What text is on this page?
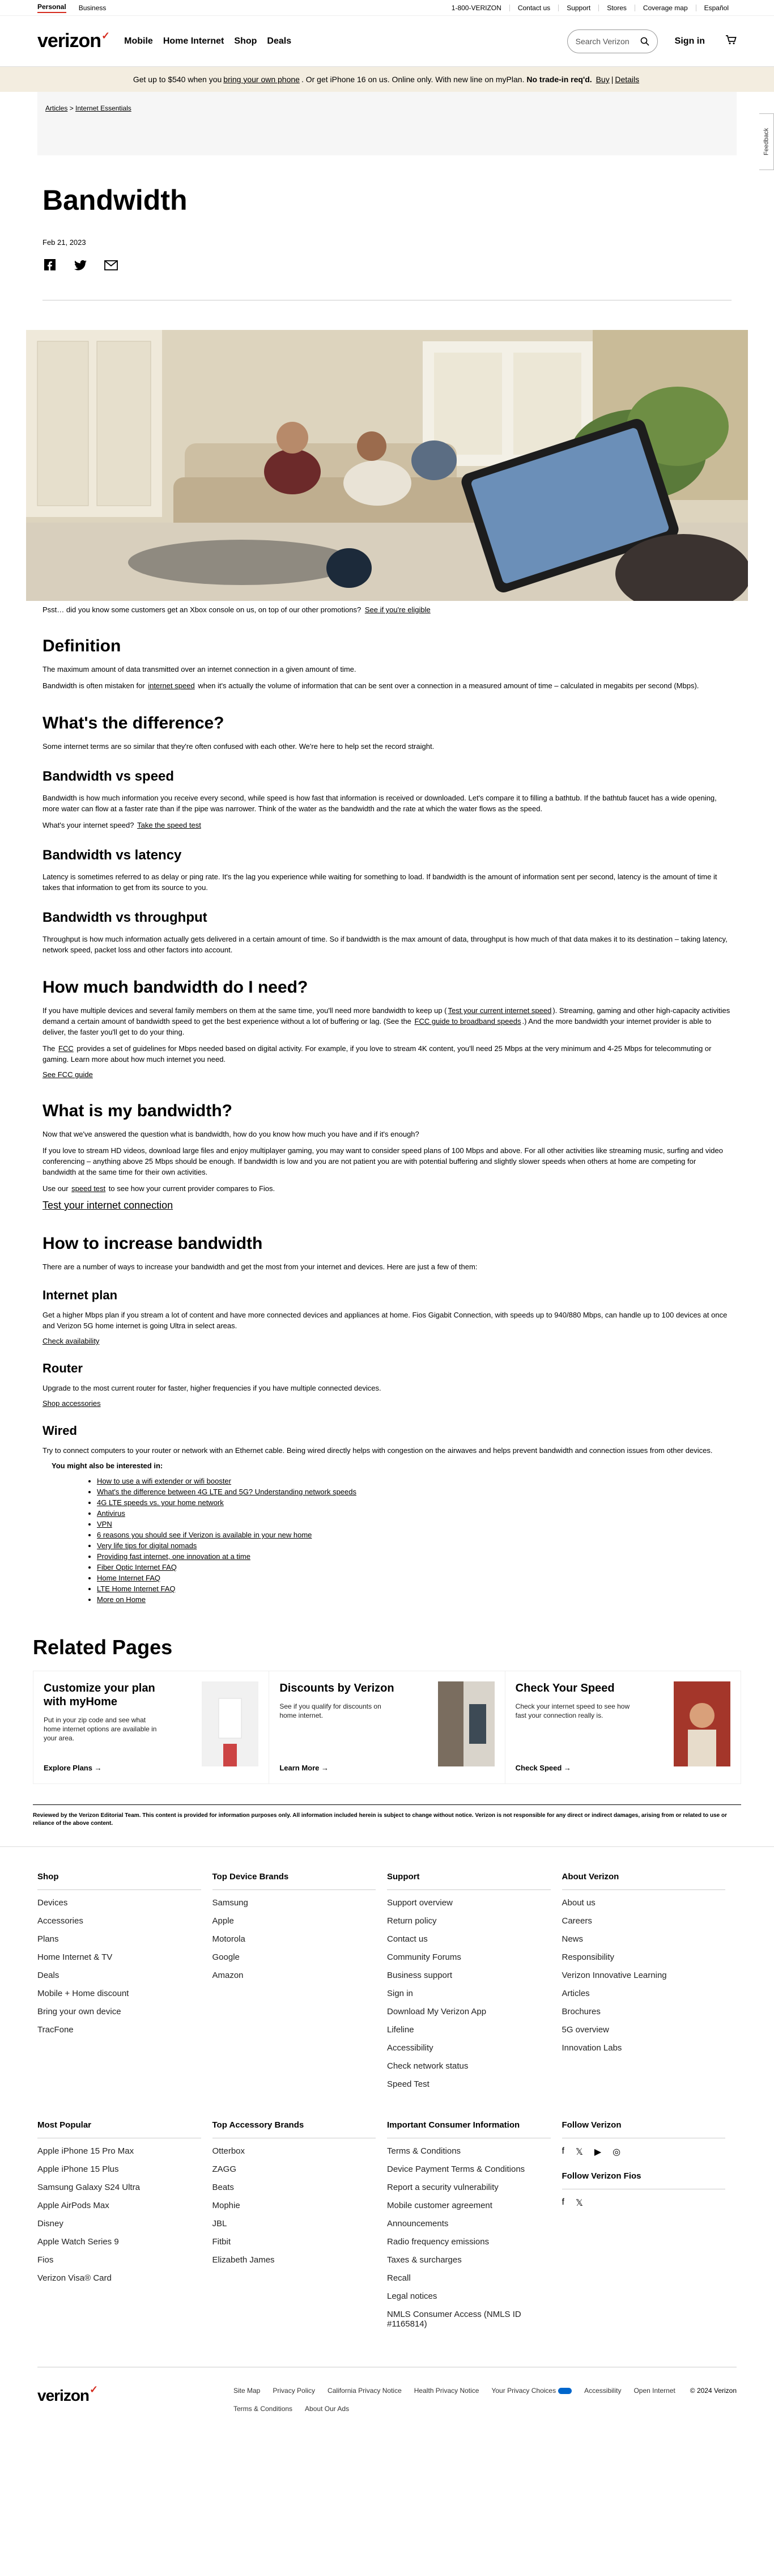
Personal Business	1-800-VERIZON	Contact us	Support	Stores	Coverage map	Español
verizon✓ Mobile Home Internet Shop Deals	Search Verizon	Sign in
Get up to $540 when you bring your own phone . Or get iPhone 16 on us. Online only. With new line on myPlan.
No trade-in req'd.
Buy | Details
Feedback
Articles > Internet Essentials
Bandwidth
Feb 21, 2023
Psst… did you know some customers get an Xbox console on us, on top of our other promotions? See if you're eligible
Definition

The maximum amount of data transmitted over an internet connection in a given amount of time.

Bandwidth is often mistaken for internet speed when it's actually the volume of information that can be sent over a connection in a measured amount of time – calculated in megabits per second (Mbps).

What's the difference?

Some internet terms are so similar that they're often confused with each other. We're here to help set the record straight.

Bandwidth vs speed

Bandwidth is how much information you receive every second, while speed is how fast that information is received or downloaded. Let's compare it to filling a bathtub. If the bathtub faucet has a wide opening, more water can flow at a faster rate than if the pipe was narrower. Think of the water as the bandwidth and the rate at which the water flows as the speed.

What's your internet speed? Take the speed test

Bandwidth vs latency

Latency is sometimes referred to as delay or ping rate. It's the lag you experience while waiting for something to load. If bandwidth is the amount of information sent per second, latency is the amount of time it takes that information to get from its source to you.

Bandwidth vs throughput

Throughput is how much information actually gets delivered in a certain amount of time. So if bandwidth is the max amount of data, throughput is how much of that data makes it to its destination – taking latency, network speed, packet loss and other factors into account.

How much bandwidth do I need?

If you have multiple devices and several family members on them at the same time, you'll need more bandwidth to keep up ( Test your current internet speed ). Streaming, gaming and other high-capacity activities demand a certain amount of bandwidth speed to get the best experience without a lot of buffering or lag. (See the FCC guide to broadband speeds .) And the more bandwidth your internet provider is able to deliver, the faster you'll get to do your thing.

The FCC provides a set of guidelines for Mbps needed based on digital activity. For example, if you love to stream 4K content, you'll need 25 Mbps at the very minimum and 4-25 Mbps for telecommuting or gaming. Learn more about how much internet you need.

See FCC guide
What is my bandwidth?

Now that we've answered the question what is bandwidth, how do you know how much you have and if it's enough?

If you love to stream HD videos, download large files and enjoy multiplayer gaming, you may want to consider speed plans of 100 Mbps and above. For all other activities like streaming music, surfing and video conferencing – anything above 25 Mbps should be enough. If bandwidth is low and you are not patient you are with potential buffering and slightly slower speeds when others at home are competing for bandwidth at the same time for their own activities.

Use our speed test to see how your current provider compares to Fios.

Test your internet connection
How to increase bandwidth

There are a number of ways to increase your bandwidth and get the most from your internet and devices. Here are just a few of them:

Internet plan

Get a higher Mbps plan if you stream a lot of content and have more connected devices and appliances at home. Fios Gigabit Connection, with speeds up to 940/880 Mbps, can handle up to 100 devices at once and Verizon 5G home internet is going Ultra in select areas.

Check availability
Router

Upgrade to the most current router for faster, higher frequencies if you have multiple connected devices.

Shop accessories
Wired

Try to connect computers to your router or network with an Ethernet cable. Being wired directly helps with congestion on the airwaves and helps prevent bandwidth and connection issues from other devices.

You might also be interested in:
• How to use a wifi extender or wifi booster
• What's the difference between 4G LTE and 5G? Understanding network speeds
• 4G LTE speeds vs. your home network
• Antivirus
• VPN
• 6 reasons you should see if Verizon is available in your new home
• Very life tips for digital nomads
• Providing fast internet, one innovation at a time
• Fiber Optic Internet FAQ
• Home Internet FAQ
• LTE Home Internet FAQ
• More on Home
Related Pages
Customize your plan with myHome
Put in your zip code and see what home internet options are available in your area.
Explore Plans →
Discounts by Verizon
See if you qualify for discounts on home internet.
Learn More →
Check Your Speed
Check your internet speed to see how fast your connection really is.
Check Speed →
Reviewed by the Verizon Editorial Team. This content is provided for information purposes only. All information included herein is subject to change without notice. Verizon is not responsible for any direct or indirect damages, arising from or related to use or reliance of the above content.
Shop
Devices
Accessories
Plans
Home Internet & TV
Deals
Mobile + Home discount
Bring your own device
TracFone
Top Device Brands
Samsung
Apple
Motorola
Google
Amazon
Support
Support overview
Return policy
Contact us
Community Forums
Business support
Sign in
Download My Verizon App
Lifeline
Accessibility
Check network status
Speed Test
About Verizon
About us
Careers
News
Responsibility
Verizon Innovative Learning
Articles
Brochures
5G overview
Innovation Labs
Most Popular
Apple iPhone 15 Pro Max
Apple iPhone 15 Plus
Samsung Galaxy S24 Ultra
Apple AirPods Max
Disney
Apple Watch Series 9
Fios
Verizon Visa® Card
Top Accessory Brands
Otterbox
ZAGG
Beats
Mophie
JBL
Fitbit
Elizabeth James
Important Consumer Information
Terms & Conditions
Device Payment Terms & Conditions
Report a security vulnerability
Mobile customer agreement
Announcements
Radio frequency emissions
Taxes & surcharges
Recall
Legal notices
NMLS Consumer Access (NMLS ID #1165814)
Follow Verizon
f 𝕏 ▶ ◎
Follow Verizon Fios
f 𝕏
verizon✓	Site Map Privacy Policy California Privacy Notice Health Privacy Notice Your Privacy Choices	Accessibility Open Internet
Terms & Conditions About Our Ads
© 2024 Verizon
